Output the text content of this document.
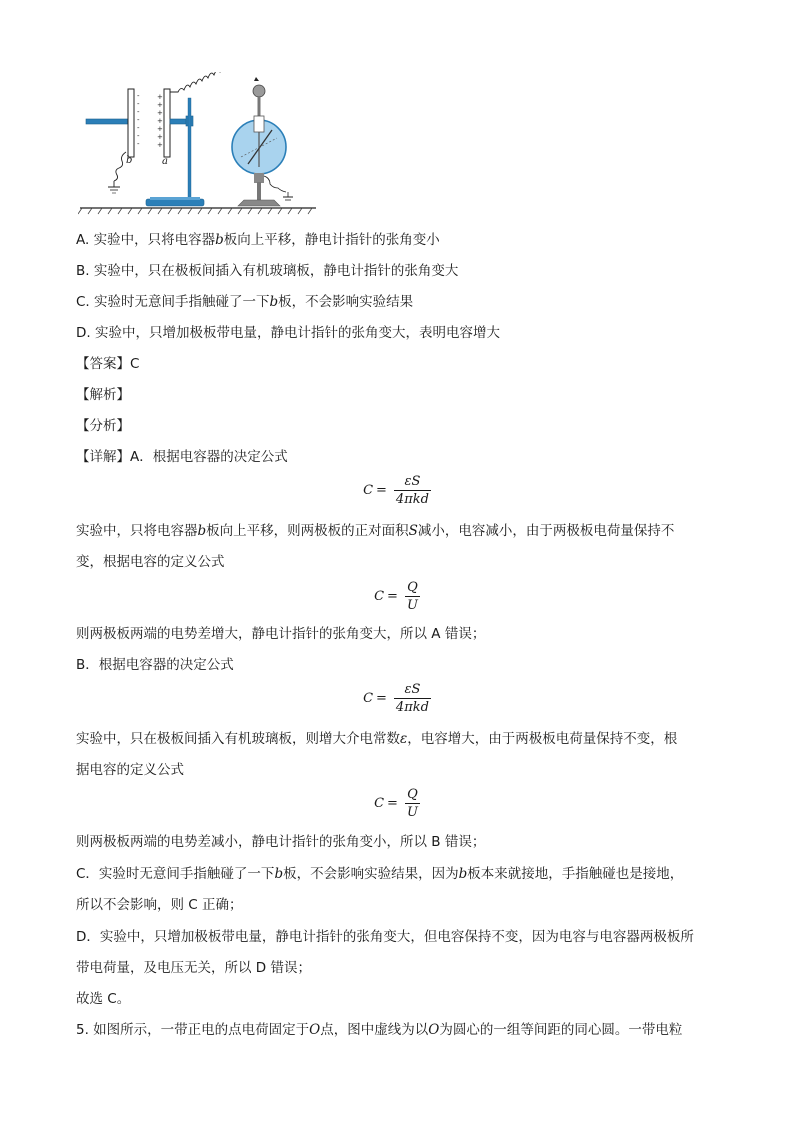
-
-
-
-
-
-
-
b
+
+
+
+
+
+
+
a
A. 实验中，只将电容器b板向上平移，静电计指针的张角变小
B. 实验中，只在极板间插入有机玻璃板，静电计指针的张角变大
C. 实验时无意间手指触碰了一下b板，不会影响实验结果
D. 实验中，只增加极板带电量，静电计指针的张角变大，表明电容增大
【答案】C
【解析】
【分析】
【详解】A．根据电容器的决定公式
$C = \frac{\varepsilon S}{\text{4πkd}}$
实验中，只将电容器b板向上平移，则两极板的正对面积S减小，电容减小，由于两极板电荷量保持不
变，根据电容的定义公式
$C = \frac{Q}{U}$
则两极板两端的电势差增大，静电计指针的张角变大，所以 A 错误；
B．根据电容器的决定公式
$C = \frac{\varepsilon S}{\text{4πkd}}$
实验中，只在极板间插入有机玻璃板，则增大介电常数ε，电容增大，由于两极板电荷量保持不变，根
据电容的定义公式
$C = \frac{Q}{U}$
则两极板两端的电势差减小，静电计指针的张角变小，所以 B 错误；
C．实验时无意间手指触碰了一下b板，不会影响实验结果，因为b板本来就接地，手指触碰也是接地，
所以不会影响，则 C 正确；
D．实验中，只增加极板带电量，静电计指针的张角变大，但电容保持不变，因为电容与电容器两极板所
带电荷量，及电压无关，所以 D 错误；
故选 C。
5. 如图所示，一带正电的点电荷固定于O点，图中虚线为以O为圆心的一组等间距的同心圆。一带电粒
